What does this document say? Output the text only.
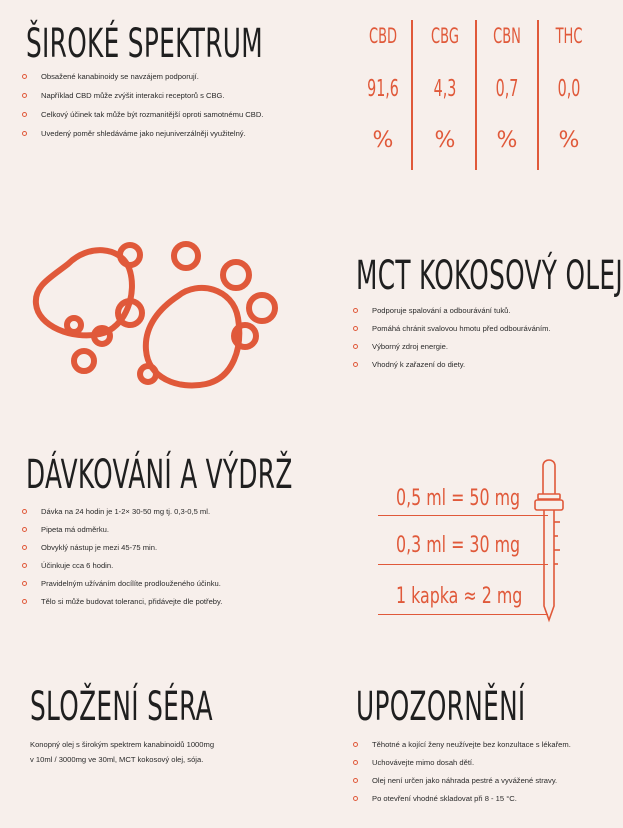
ŠIROKÉ SPEKTRUM
Obsažené kanabinoidy se navzájem podporují.
Například CBD může zvýšit interakci receptorů s CBG.
Celkový účinek tak může být rozmanitější oproti samotnému CBD.
Uvedený poměr shledáváme jako nejuniverzálněji využitelný.
CBD
91,6
%
CBG
4,3
%
CBN
0,7
%
THC
0,0
%
MCT KOKOSOVÝ OLEJ
Podporuje spalování a odbourávání tuků.
Pomáhá chránit svalovou hmotu před odbouráváním.
Výborný zdroj energie.
Vhodný k zařazení do diety.
DÁVKOVÁNÍ A VÝDRŽ
Dávka na 24 hodin je 1-2× 30-50 mg tj. 0,3-0,5 ml.
Pipeta má odměrku.
Obvyklý nástup je mezi 45-75 min.
Účinkuje cca 6 hodin.
Pravidelným užíváním docílíte prodlouženého účinku.
Tělo si může budovat toleranci, přidávejte dle potřeby.
0,5 ml = 50 mg
0,3 ml = 30 mg
1 kapka ≈ 2 mg
SLOŽENÍ SÉRA

Konopný olej s širokým spektrem kanabinoidů 1000mg

v 10ml / 3000mg ve 30ml, MCT kokosový olej, sója.

UPOZORNĚNÍ
Těhotné a kojící ženy neužívejte bez konzultace s lékařem.
Uchovávejte mimo dosah dětí.
Olej není určen jako náhrada pestré a vyvážené stravy.
Po otevření vhodné skladovat při 8 - 15 °C.
